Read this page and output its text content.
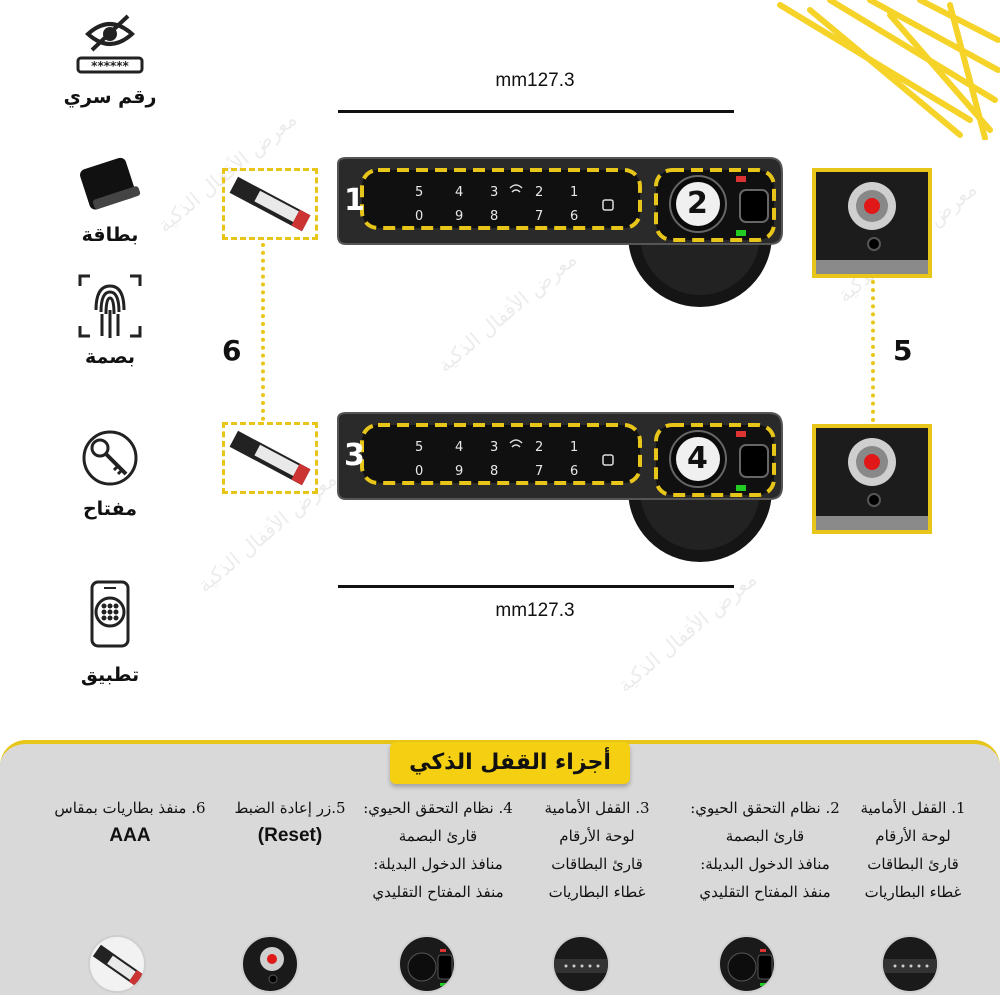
معرض الأقفال الذكية
معرض الأقفال الذكية
معرض الأقفال الذكية
معرض الأقفال الذكية
معرض الذكية
******
رقم سري
بطاقة
بصمة
مفتاح
تطبيق
mm127.3
mm127.3
5
0
4
9
3
8
2
7
1
6
1	2
5
0
4
9
3
8
2
7
1
6
3	4
6	5
أجزاء القفل الذكي
1. القفل الأمامية
لوحة الأرقام
قارئ البطاقات
غطاء البطاريات
2. نظام التحقق الحيوي:
قارئ البصمة
منافذ الدخول البديلة:
منفذ المفتاح التقليدي
3. القفل الأمامية
لوحة الأرقام
قارئ البطاقات
غطاء البطاريات
4. نظام التحقق الحيوي:
قارئ البصمة
منافذ الدخول البديلة:
منفذ المفتاح التقليدي
5.زر إعادة الضبط
(Reset)
6. منفذ بطاريات بمقاس
AAA
